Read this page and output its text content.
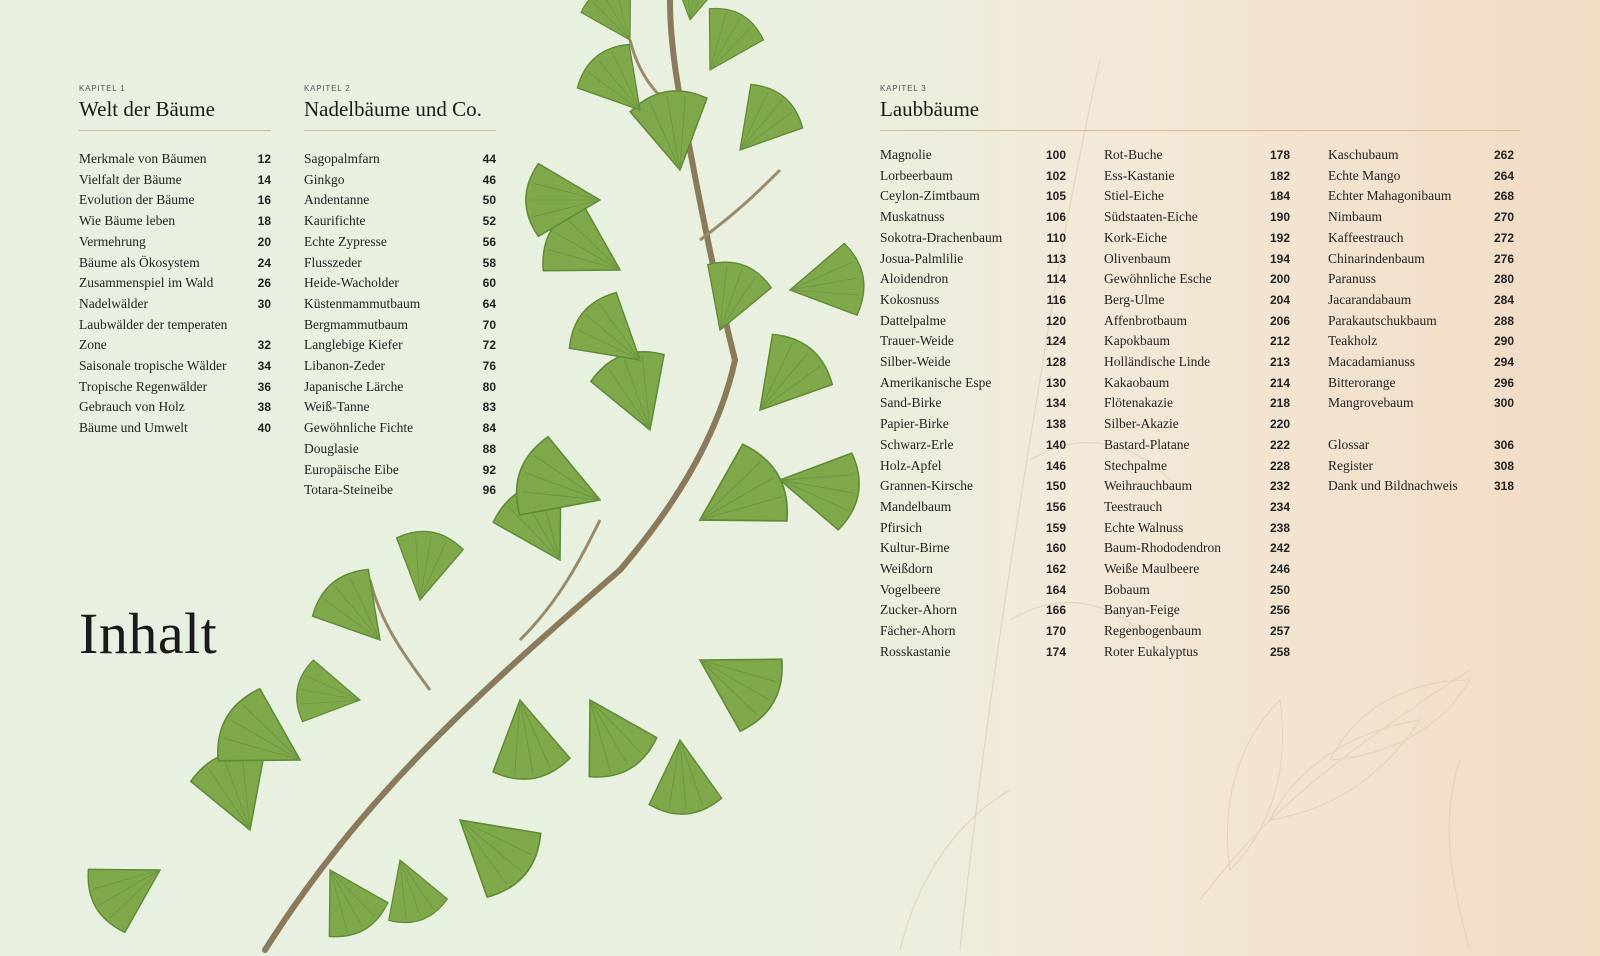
KAPITEL 1
Welt der Bäume
Merkmale von Bäumen	12
Vielfalt der Bäume	14
Evolution der Bäume	16
Wie Bäume leben	18
Vermehrung	20
Bäume als Ökosystem	24
Zusammenspiel im Wald	26
Nadelwälder	30
Laubwälder der temperaten Zone	32
Saisonale tropische Wälder	34
Tropische Regenwälder	36
Gebrauch von Holz	38
Bäume und Umwelt	40
KAPITEL 2
Nadelbäume und Co.
Sagopalmfarn	44
Ginkgo	46
Andentanne	50
Kaurifichte	52
Echte Zypresse	56
Flusszeder	58
Heide-Wacholder	60
Küstenmammutbaum	64
Bergmammutbaum	70
Langlebige Kiefer	72
Libanon-Zeder	76
Japanische Lärche	80
Weiß-Tanne	83
Gewöhnliche Fichte	84
Douglasie	88
Europäische Eibe	92
Totara-Steineibe	96
KAPITEL 3
Laubbäume
Magnolie	100
Lorbeerbaum	102
Ceylon-Zimtbaum	105
Muskatnuss	106
Sokotra-Drachenbaum	110
Josua-Palmlilie	113
Aloidendron	114
Kokosnuss	116
Dattelpalme	120
Trauer-Weide	124
Silber-Weide	128
Amerikanische Espe	130
Sand-Birke	134
Papier-Birke	138
Schwarz-Erle	140
Holz-Apfel	146
Grannen-Kirsche	150
Mandelbaum	156
Pfirsich	159
Kultur-Birne	160
Weißdorn	162
Vogelbeere	164
Zucker-Ahorn	166
Fächer-Ahorn	170
Rosskastanie	174
Rot-Buche	178
Ess-Kastanie	182
Stiel-Eiche	184
Südstaaten-Eiche	190
Kork-Eiche	192
Olivenbaum	194
Gewöhnliche Esche	200
Berg-Ulme	204
Affenbrotbaum	206
Kapokbaum	212
Holländische Linde	213
Kakaobaum	214
Flötenakazie	218
Silber-Akazie	220
Bastard-Platane	222
Stechpalme	228
Weihrauchbaum	232
Teestrauch	234
Echte Walnuss	238
Baum-Rhododendron	242
Weiße Maulbeere	246
Bobaum	250
Banyan-Feige	256
Regenbogenbaum	257
Roter Eukalyptus	258
Kaschubaum	262
Echte Mango	264
Echter Mahagonibaum	268
Nimbaum	270
Kaffeestrauch	272
Chinarindenbaum	276
Paranuss	280
Jacarandabaum	284
Parakautschukbaum	288
Teakholz	290
Macadamianuss	294
Bitterorange	296
Mangrovebaum	300
Glossar	306
Register	308
Dank und Bildnachweis	318
Inhalt
